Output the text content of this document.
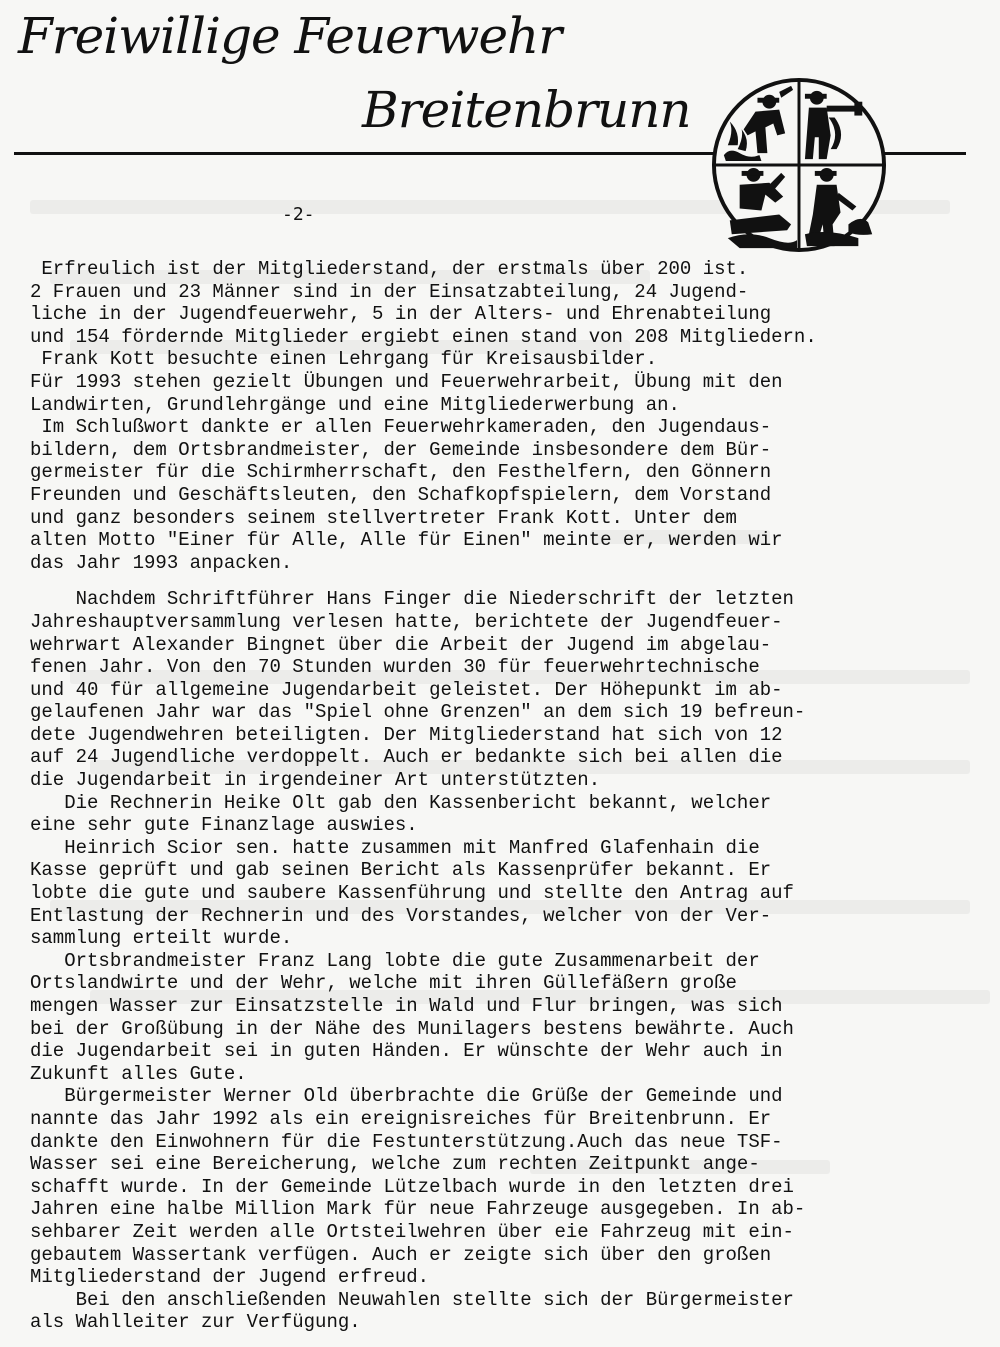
Freiwillige Feuerwehr
Breitenbrunn
-2-
Erfreulich ist der Mitgliederstand, der erstmals über 200 ist.
2 Frauen und 23 Männer sind in der Einsatzabteilung, 24 Jugend-
liche in der Jugendfeuerwehr, 5 in der Alters- und Ehrenabteilung
und 154 fördernde Mitglieder ergiebt einen stand von 208 Mitgliedern.
Frank Kott besuchte einen Lehrgang für Kreisausbilder.
Für 1993 stehen gezielt Übungen und Feuerwehrarbeit, Übung mit den
Landwirten, Grundlehrgänge und eine Mitgliederwerbung an.
Im Schlußwort dankte er allen Feuerwehrkameraden, den Jugendaus-
bildern, dem Ortsbrandmeister, der Gemeinde insbesondere dem Bür-
germeister für die Schirmherrschaft, den Festhelfern, den Gönnern
Freunden und Geschäftsleuten, den Schafkopfspielern, dem Vorstand
und ganz besonders seinem stellvertreter Frank Kott. Unter dem
alten Motto "Einer für Alle, Alle für Einen" meinte er, werden wir
das Jahr 1993 anpacken.
Nachdem Schriftführer Hans Finger die Niederschrift der letzten
Jahreshauptversammlung verlesen hatte, berichtete der Jugendfeuer-
wehrwart Alexander Bingnet über die Arbeit der Jugend im abgelau-
fenen Jahr. Von den 70 Stunden wurden 30 für feuerwehrtechnische
und 40 für allgemeine Jugendarbeit geleistet. Der Höhepunkt im ab-
gelaufenen Jahr war das "Spiel ohne Grenzen" an dem sich 19 befreun-
dete Jugendwehren beteiligten. Der Mitgliederstand hat sich von 12
auf 24 Jugendliche verdoppelt. Auch er bedankte sich bei allen die
die Jugendarbeit in irgendeiner Art unterstützten.
Die Rechnerin Heike Olt gab den Kassenbericht bekannt, welcher
eine sehr gute Finanzlage auswies.
Heinrich Scior sen. hatte zusammen mit Manfred Glafenhain die
Kasse geprüft und gab seinen Bericht als Kassenprüfer bekannt. Er
lobte die gute und saubere Kassenführung und stellte den Antrag auf
Entlastung der Rechnerin und des Vorstandes, welcher von der Ver-
sammlung erteilt wurde.
Ortsbrandmeister Franz Lang lobte die gute Zusammenarbeit der
Ortslandwirte und der Wehr, welche mit ihren Güllefäßern große
mengen Wasser zur Einsatzstelle in Wald und Flur bringen, was sich
bei der Großübung in der Nähe des Munilagers bestens bewährte. Auch
die Jugendarbeit sei in guten Händen. Er wünschte der Wehr auch in
Zukunft alles Gute.
Bürgermeister Werner Old überbrachte die Grüße der Gemeinde und
nannte das Jahr 1992 als ein ereignisreiches für Breitenbrunn. Er
dankte den Einwohnern für die Festunterstützung.Auch das neue TSF-
Wasser sei eine Bereicherung, welche zum rechten Zeitpunkt ange-
schafft wurde. In der Gemeinde Lützelbach wurde in den letzten drei
Jahren eine halbe Million Mark für neue Fahrzeuge ausgegeben. In ab-
sehbarer Zeit werden alle Ortsteilwehren über eie Fahrzeug mit ein-
gebautem Wassertank verfügen. Auch er zeigte sich über den großen
Mitgliederstand der Jugend erfreud.
Bei den anschließenden Neuwahlen stellte sich der Bürgermeister
als Wahlleiter zur Verfügung.
